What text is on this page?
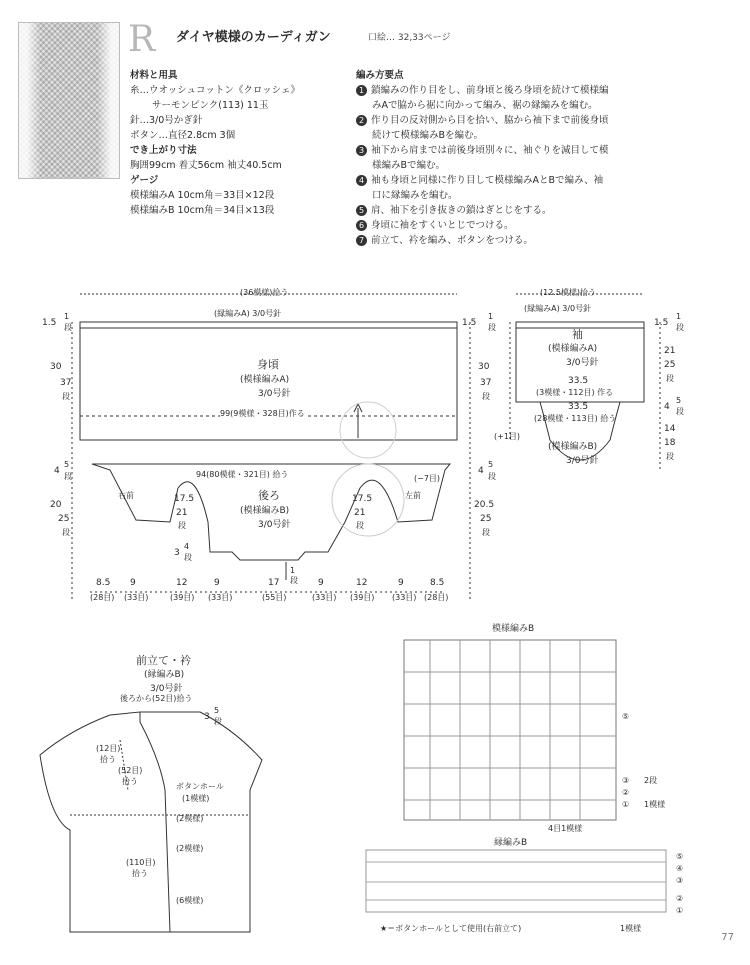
R ダイヤ模様のカーディガン	口絵… 32,33ページ
材料と用具
糸…ウオッシュコットン《クロッシェ》
サーモンピンク(113) 11玉
針…3/0号かぎ針
ボタン…直径2.8cm 3個
でき上がり寸法
胸囲99cm 着丈56cm 袖丈40.5cm
ゲージ
模様編みA 10cm角＝33目×12段
模様編みB 10cm角＝34目×13段
編み方要点
1 鎖編みの作り目をし、前身頃と後ろ身頃を続けて模様編
みAで脇から裾に向かって編み、裾の縁編みを編む。
2 作り目の反対側から目を拾い、脇から袖下まで前後身頃
続けて模様編みBを編む。
3 袖下から肩までは前後身頃別々に、袖ぐりを減目して模
様編みBで編む。
4 袖も身頃と同様に作り目して模様編みAとBで編み、袖
口に縁編みを編む。
5 肩、袖下を引き抜きの鎖はぎとじをする。
6 身頃に袖をすくいとじでつける。
7 前立て、衿を編み、ボタンをつける。
(36模様)拾う
(縁編みA) 3/0号針
身頃
(模様編みA)
3/0号針
99(9模様・328目)作る
94(80模様・321目) 拾う	(−7目)
右前	左前
後ろ
(模様編みB)
3/0号針
1.5
1
段
30
37
段
4
5
段
20
25
段
1.5
1
段
30
37
段
4
5
段
20.5
25
段
17.5
21
段
17.5
21
段
3
4
段
1
段
8.5
(28目)
9
(33目)
12
(39目)
9
(33目)
17
(55目)
9
(33目)
12
(39目)
9
(33目)
8.5
(28目)
(12.5模様)拾う
(縁編みA) 3/0号針
袖
(模様編みA)
3/0号針
33.5
(3模様・112目) 作る
33.5
(28模様・113目) 拾う
(+1目)
(模様編みB)
3/0号針
1.5
1
段
21
25
段
4
5
段
14
18
段
前立て・衿
(縁編みB)
3/0号針
後ろから(52目)拾う
3
5
段
(12目)
拾う
(52目)
拾う
ボタンホール
(1模様)
(2模様)
(2模様)
(110目)
拾う
(6模様)
模様編みB
⑤
③
②
①
2段
1模様
4目1模様
縁編みB
⑤
④
③
②
①
★＝ボタンホールとして使用(右前立て)	1模様
77
